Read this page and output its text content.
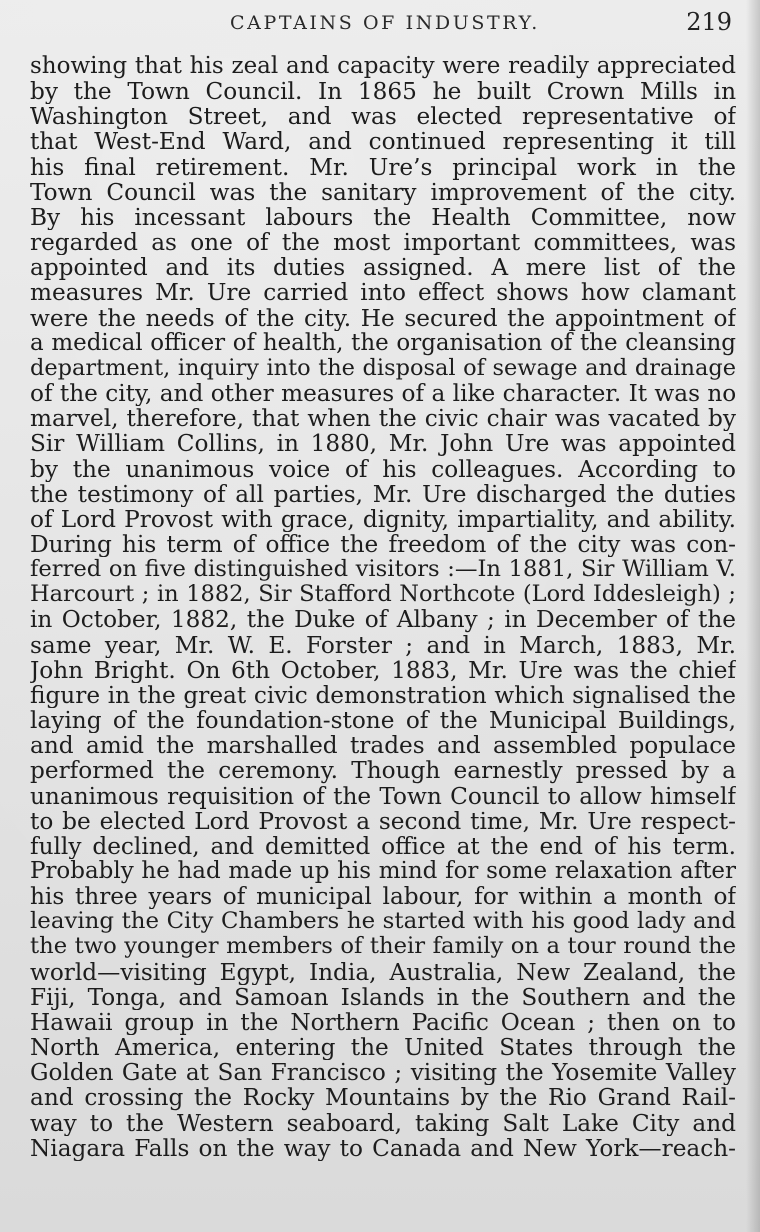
CAPTAINS OF INDUSTRY.	219
showing that his zeal and capacity were readily appreciated
by the Town Council. In 1865 he built Crown Mills in
Washington Street, and was elected representative of
that West-End Ward, and continued representing it till
his final retirement. Mr. Ure’s principal work in the
Town Council was the sanitary improvement of the city.
By his incessant labours the Health Committee, now
regarded as one of the most important committees, was
appointed and its duties assigned. A mere list of the
measures Mr. Ure carried into effect shows how clamant
were the needs of the city. He secured the appointment of
a medical officer of health, the organisation of the cleansing
department, inquiry into the disposal of sewage and drainage
of the city, and other measures of a like character. It was no
marvel, therefore, that when the civic chair was vacated by
Sir William Collins, in 1880, Mr. John Ure was appointed
by the unanimous voice of his colleagues. According to
the testimony of all parties, Mr. Ure discharged the duties
of Lord Provost with grace, dignity, impartiality, and ability.
During his term of office the freedom of the city was con-
ferred on five distinguished visitors :—In 1881, Sir William V.
Harcourt ; in 1882, Sir Stafford Northcote (Lord Iddesleigh) ;
in October, 1882, the Duke of Albany ; in December of the
same year, Mr. W. E. Forster ; and in March, 1883, Mr.
John Bright. On 6th October, 1883, Mr. Ure was the chief
figure in the great civic demonstration which signalised the
laying of the foundation-stone of the Municipal Buildings,
and amid the marshalled trades and assembled populace
performed the ceremony. Though earnestly pressed by a
unanimous requisition of the Town Council to allow himself
to be elected Lord Provost a second time, Mr. Ure respect-
fully declined, and demitted office at the end of his term.
Probably he had made up his mind for some relaxation after
his three years of municipal labour, for within a month of
leaving the City Chambers he started with his good lady and
the two younger members of their family on a tour round the
world—visiting Egypt, India, Australia, New Zealand, the
Fiji, Tonga, and Samoan Islands in the Southern and the
Hawaii group in the Northern Pacific Ocean ; then on to
North America, entering the United States through the
Golden Gate at San Francisco ; visiting the Yosemite Valley
and crossing the Rocky Mountains by the Rio Grand Rail-
way to the Western seaboard, taking Salt Lake City and
Niagara Falls on the way to Canada and New York—reach-
